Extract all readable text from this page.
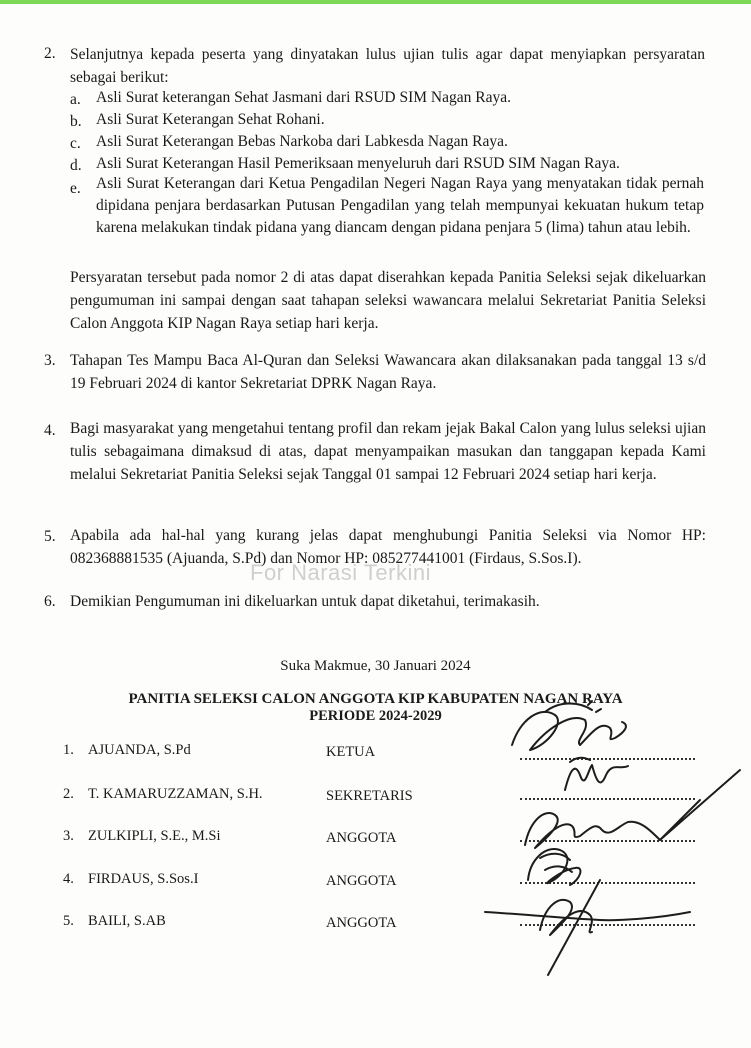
2. Selanjutnya kepada peserta yang dinyatakan lulus ujian tulis agar dapat menyiapkan persyaratan sebagai berikut:
a. Asli Surat keterangan Sehat Jasmani dari RSUD SIM Nagan Raya.
b. Asli Surat Keterangan Sehat Rohani.
c. Asli Surat Keterangan Bebas Narkoba dari Labkesda Nagan Raya.
d. Asli Surat Keterangan Hasil Pemeriksaan menyeluruh dari RSUD SIM Nagan Raya.
e. Asli Surat Keterangan dari Ketua Pengadilan Negeri Nagan Raya yang menyatakan tidak pernah dipidana penjara berdasarkan Putusan Pengadilan yang telah mempunyai kekuatan hukum tetap karena melakukan tindak pidana yang diancam dengan pidana penjara 5 (lima) tahun atau lebih.
Persyaratan tersebut pada nomor 2 di atas dapat diserahkan kepada Panitia Seleksi sejak dikeluarkan pengumuman ini sampai dengan saat tahapan seleksi wawancara melalui Sekretariat Panitia Seleksi Calon Anggota KIP Nagan Raya setiap hari kerja.
3. Tahapan Tes Mampu Baca Al-Quran dan Seleksi Wawancara akan dilaksanakan pada tanggal 13 s/d 19 Februari 2024 di kantor Sekretariat DPRK Nagan Raya.
4. Bagi masyarakat yang mengetahui tentang profil dan rekam jejak Bakal Calon yang lulus seleksi ujian tulis sebagaimana dimaksud di atas, dapat menyampaikan masukan dan tanggapan kepada Kami melalui Sekretariat Panitia Seleksi sejak Tanggal 01 sampai 12 Februari 2024 setiap hari kerja.
5. Apabila ada hal-hal yang kurang jelas dapat menghubungi Panitia Seleksi via Nomor HP: 082368881535 (Ajuanda, S.Pd) dan Nomor HP: 085277441001 (Firdaus, S.Sos.I).
For Narasi Terkini
6. Demikian Pengumuman ini dikeluarkan untuk dapat diketahui, terimakasih.
Suka Makmue, 30 Januari 2024
PANITIA SELEKSI CALON ANGGOTA KIP KABUPATEN NAGAN RAYA
PERIODE 2024-2029
1. AJUANDA, S.Pd	KETUA
2. T. KAMARUZZAMAN, S.H.	SEKRETARIS
3. ZULKIPLI, S.E., M.Si	ANGGOTA
4. FIRDAUS, S.Sos.I	ANGGOTA
5. BAILI, S.AB	ANGGOTA
